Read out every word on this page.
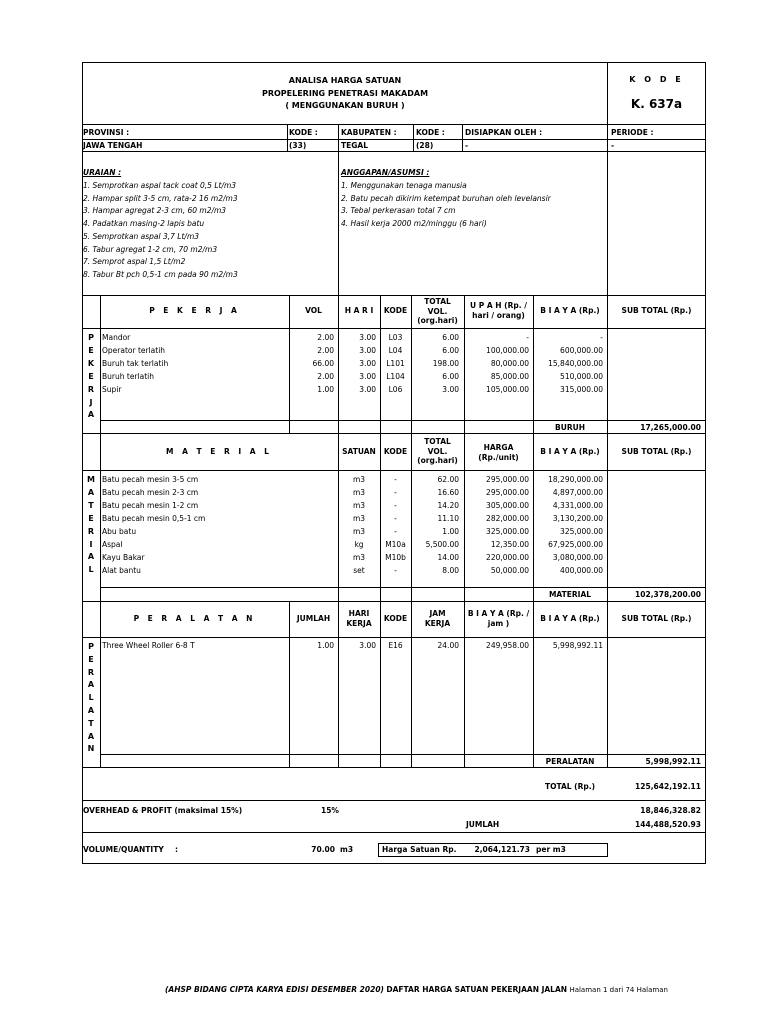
ANALISA HARGA SATUAN
PROPELERING PENETRASI MAKADAM
( MENGGUNAKAN BURUH )
K O D E
K. 637a
PROVINSI :
JAWA TENGAH
KODE :
(33)
KABUPATEN :
TEGAL
KODE :
(28)
DISIAPKAN OLEH :
-
PERIODE :
-
URAIAN :
1. Semprotkan aspal tack coat 0,5 Lt/m3
2. Hampar split 3-5 cm, rata-2 16 m2/m3
3. Hampar agregat 2-3 cm, 60 m2/m3
4. Padatkan masing-2 lapis batu
5. Semprotkan aspal 3,7 Lt/m3
6. Tabur agregat 1-2 cm, 70 m2/m3
7. Semprot aspal 1,5 Lt/m2
8. Tabur Bt pch 0,5-1 cm pada 90 m2/m3
ANGGAPAN/ASUMSI :
1. Menggunakan tenaga manusia
2. Batu pecah dikirim ketempat buruhan oleh levelansir
3. Tebal perkerasan total 7 cm
4. Hasil kerja 2000 m2/minggu (6 hari)
P E K E R J A	VOL	H A R I	KODE
TOTAL
VOL.
(org.hari)
U P A H (Rp. /
hari / orang)	B I A Y A (Rp.)	SUB TOTAL (Rp.)
P
E
K
E
R
J
A
Mandor	2.00	3.00	L03	6.00	-	-
Operator terlatih	2.00	3.00	L04	6.00	100,000.00	600,000.00
Buruh tak terlatih	66.00	3.00	L101	198.00	80,000.00	15,840,000.00
Buruh terlatih	2.00	3.00	L104	6.00	85,000.00	510,000.00
Supir	1.00	3.00	L06	3.00	105,000.00	315,000.00
BURUH	17,265,000.00
M A T E R I A L	SATUAN	KODE
TOTAL
VOL.
(org.hari)
HARGA
(Rp./unit)
B I A Y A (Rp.)	SUB TOTAL (Rp.)
M
A
T
E
R
I
A
L
Batu pecah mesin 3-5 cm	m3	-	62.00	295,000.00	18,290,000.00
Batu pecah mesin 2-3 cm	m3	-	16.60	295,000.00	4,897,000.00
Batu pecah mesin 1-2 cm	m3	-	14.20	305,000.00	4,331,000.00
Batu pecah mesin 0,5-1 cm	m3	-	11.10	282,000.00	3,130,200.00
Abu batu	m3	-	1.00	325,000.00	325,000.00
Aspal	kg	M10a	5,500.00	12,350.00	67,925,000.00
Kayu Bakar	m3	M10b	14.00	220,000.00	3,080,000.00
Alat bantu	set	-	8.00	50,000.00	400,000.00
MATERIAL	102,378,200.00
P E R A L A T A N	JUMLAH
HARI
KERJA	KODE
JAM
KERJA
B I A Y A (Rp. /
jam )	B I A Y A (Rp.)	SUB TOTAL (Rp.)
P
E
R
A
L
A
T
A
N
Three Wheel Roller 6-8 T	1.00	3.00	E16	24.00	249,958.00	5,998,992.11
PERALATAN	5,998,992.11
TOTAL (Rp.)	125,642,192.11
OVERHEAD & PROFIT (maksimal 15%)	15%	18,846,328.82
JUMLAH	144,488,520.93
VOLUME/QUANTITY :	70.00 m3	Harga Satuan Rp.	2,064,121.73 per m3
(AHSP BIDANG CIPTA KARYA EDISI DESEMBER 2020) DAFTAR HARGA SATUAN PEKERJAAN JALAN Halaman 1 dari 74 Halaman
